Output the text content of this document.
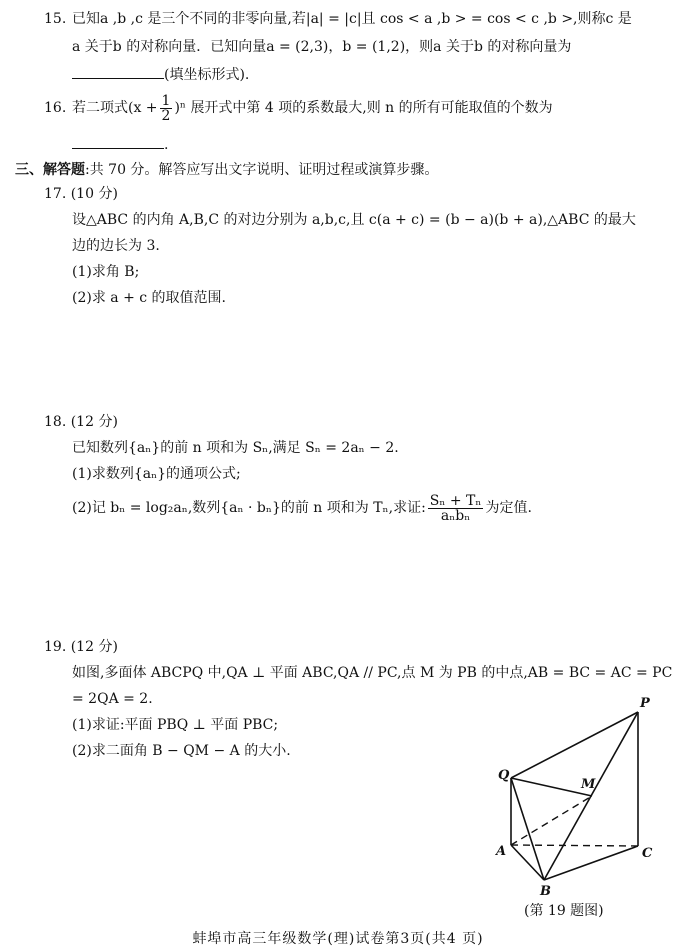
15. 已知a ,b ,c 是三个不同的非零向量,若|a| = |c|且 cos < a ,b > = cos < c ,b >,则称c 是
a 关于b 的对称向量．已知向量a = (2,3)，b = (1,2)，则a 关于b 的对称向量为
(填坐标形式).
16. 若二项式$(x + \frac{1}{2} )^n$ 展开式中第 4 项的系数最大,则 n 的所有可能取值的个数为
.
三、解答题:共 70 分。解答应写出文字说明、证明过程或演算步骤。
17. (10 分)
设△ABC 的内角 A,B,C 的对边分别为 a,b,c,且 c(a + c) = (b − a)(b + a),△ABC 的最大
边的边长为 3.
(1)求角 B;
(2)求 a + c 的取值范围.
18. (12 分)
已知数列{aₙ}的前 n 项和为 Sₙ,满足 Sₙ = 2aₙ − 2.
(1)求数列{aₙ}的通项公式;
(2)记 bₙ = log₂aₙ,数列{aₙ · bₙ}的前 n 项和为 Tₙ,求证: $\frac{\text{Sₙ + Tₙ}}{\text{aₙbₙ}}$ 为定值.
19. (12 分)
如图,多面体 ABCPQ 中,QA ⊥ 平面 ABC,QA // PC,点 M 为 PB 的中点,AB = BC = AC = PC
= 2QA = 2.
(1)求证:平面 PBQ ⊥ 平面 PBC;
(2)求二面角 B − QM − A 的大小.
P
Q
M
A	C
B
(第 19 题图)
蚌埠市高三年级数学(理)试卷第3页(共4 页)
